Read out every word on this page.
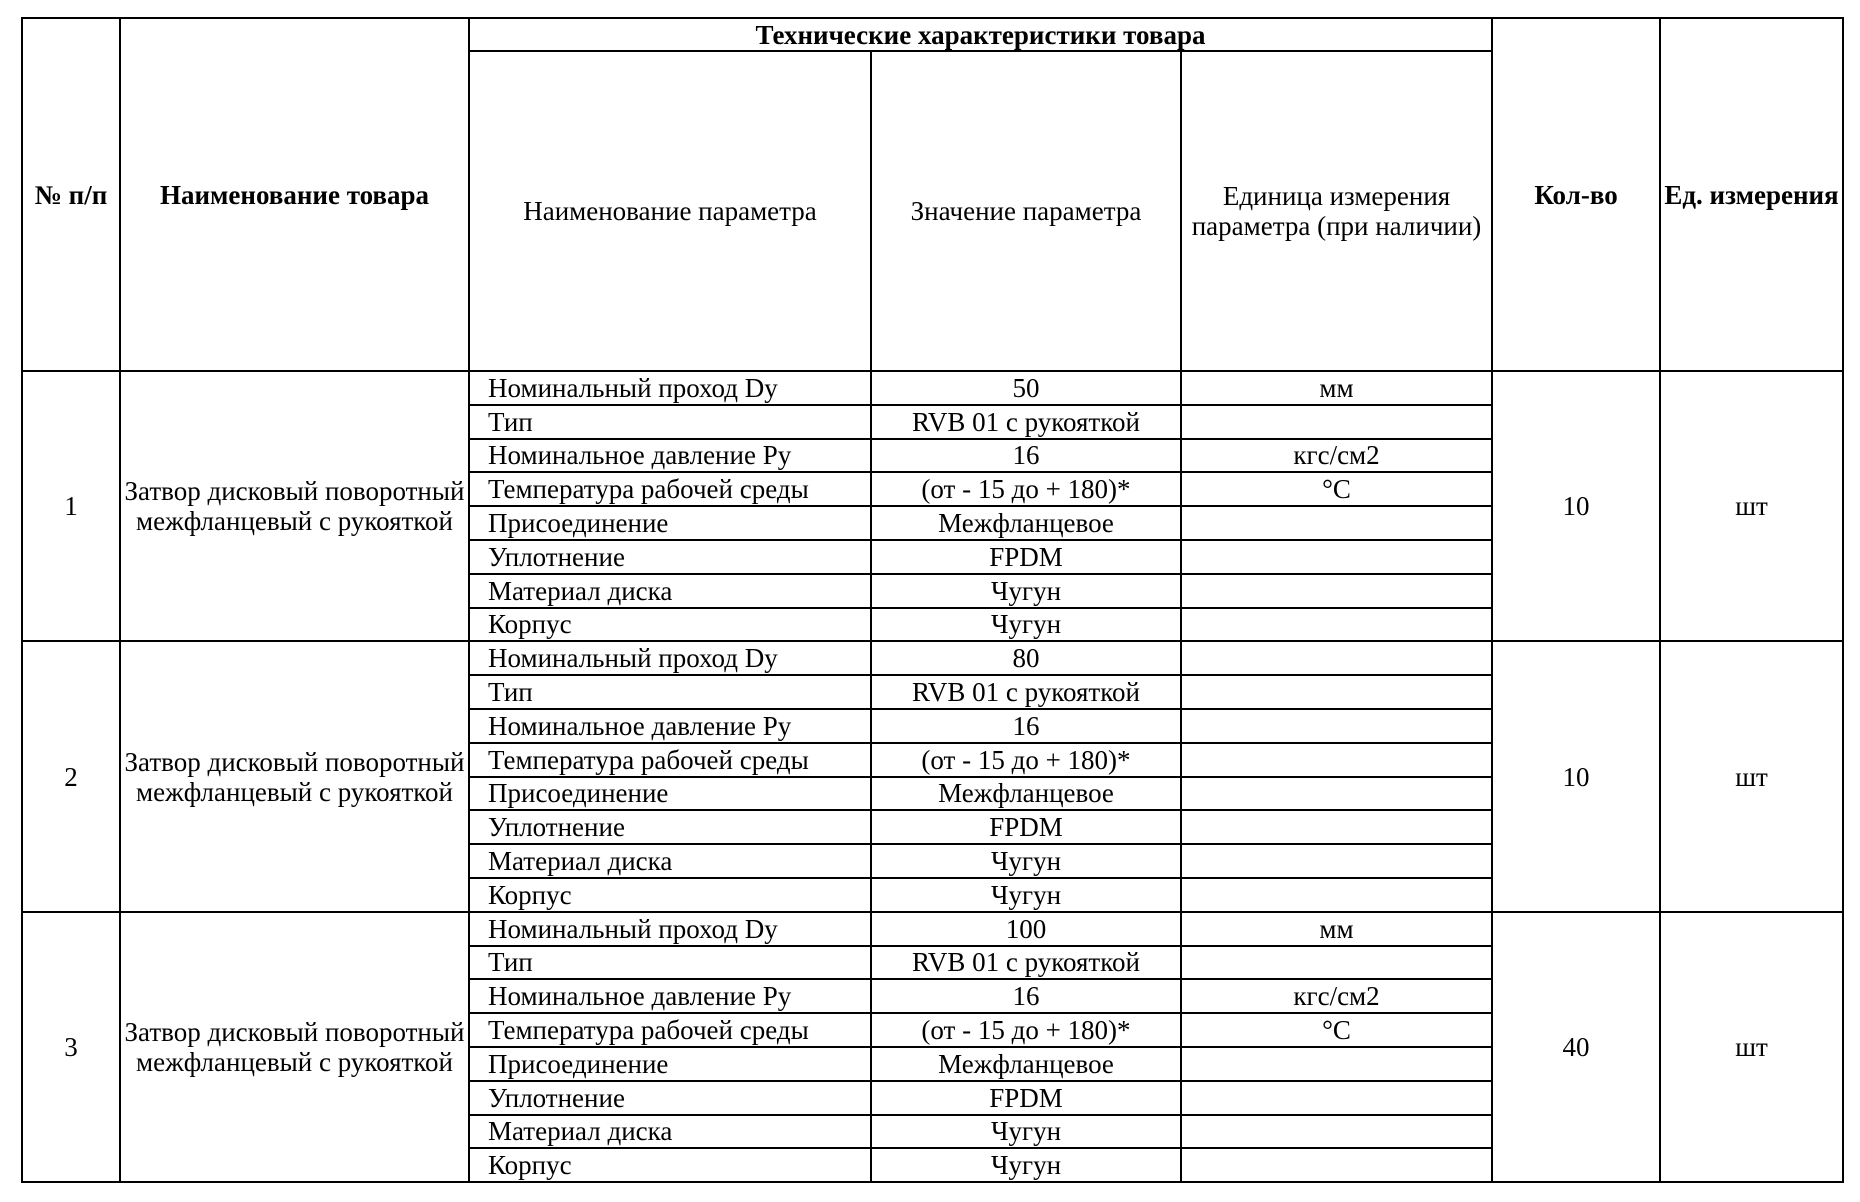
№ п/п	Наименование товара	Технические характеристики товара			Кол-во	Ед. измерения
		Наименование параметра	Значение параметра	Единица измерения параметра (при наличии)		
1	Затвор дисковый поворотный межфланцевый с рукояткой	Номинальный проход Dу	50	мм	10	шт
		Тип	RVB 01 с рукояткой			
		Номинальное давление Ру	16	кгс/см2		
		Температура рабочей среды	(от - 15 до + 180)*	°С		
		Присоединение	Межфланцевое			
		Уплотнение	FPDM			
		Материал диска	Чугун			
		Корпус	Чугун			
2	Затвор дисковый поворотный межфланцевый с рукояткой	Номинальный проход Dу	80		10	шт
		Тип	RVB 01 с рукояткой			
		Номинальное давление Ру	16			
		Температура рабочей среды	(от - 15 до + 180)*			
		Присоединение	Межфланцевое			
		Уплотнение	FPDM			
		Материал диска	Чугун			
		Корпус	Чугун			
3	Затвор дисковый поворотный межфланцевый с рукояткой	Номинальный проход Dу	100	мм	40	шт
		Тип	RVB 01 с рукояткой			
		Номинальное давление Ру	16	кгс/см2		
		Температура рабочей среды	(от - 15 до + 180)*	°С		
		Присоединение	Межфланцевое			
		Уплотнение	FPDM			
		Материал диска	Чугун			
		Корпус	Чугун			
